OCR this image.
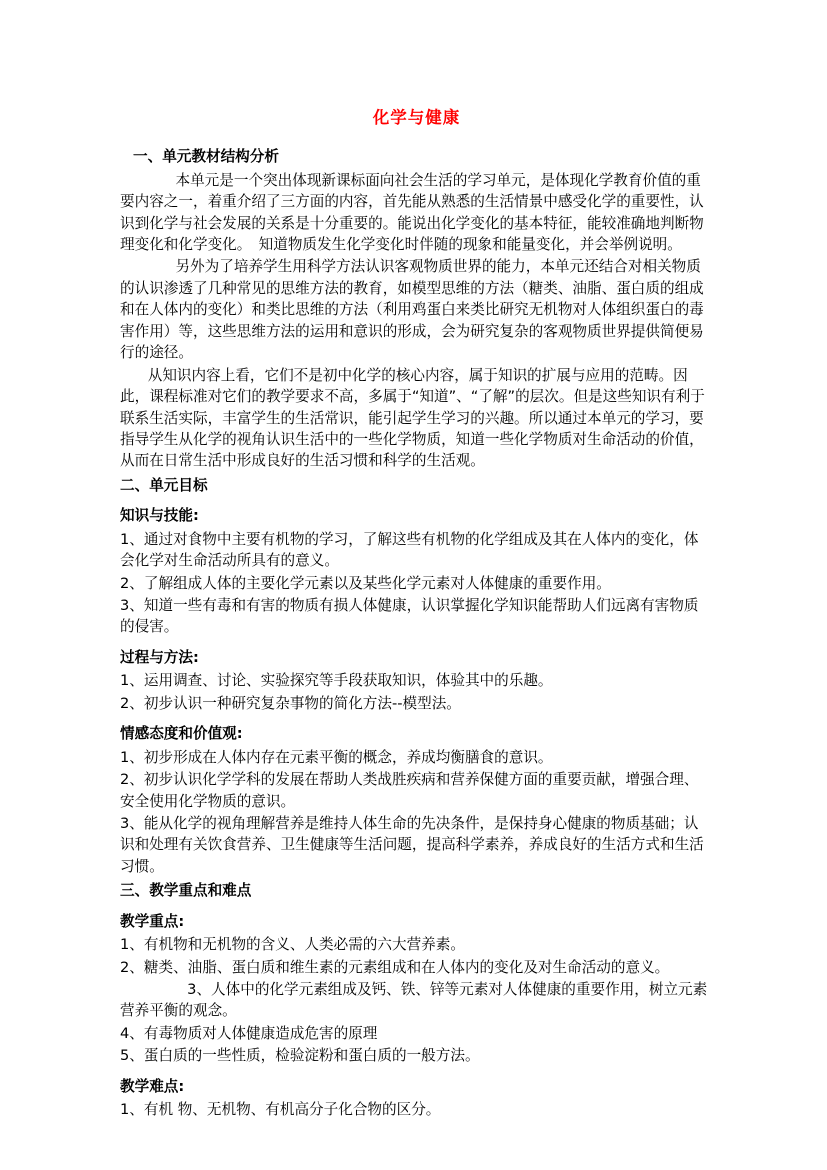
化学与健康

一、单元教材结构分析

本单元是一个突出体现新课标面向社会生活的学习单元，是体现化学教育价值的重要内容之一，着重介绍了三方面的内容，首先能从熟悉的生活情景中感受化学的重要性，认识到化学与社会发展的关系是十分重要的。能说出化学变化的基本特征，能较准确地判断物理变化和化学变化。　知道物质发生化学变化时伴随的现象和能量变化，并会举例说明。

另外为了培养学生用科学方法认识客观物质世界的能力，本单元还结合对相关物质的认识渗透了几种常见的思维方法的教育，如模型思维的方法（糖类、油脂、蛋白质的组成和在人体内的变化）和类比思维的方法（利用鸡蛋白来类比研究无机物对人体组织蛋白的毒害作用）等，这些思维方法的运用和意识的形成，会为研究复杂的客观物质世界提供简便易行的途径。

从知识内容上看，它们不是初中化学的核心内容，属于知识的扩展与应用的范畴。因此，课程标准对它们的教学要求不高，多属于“知道”、“了解”的层次。但是这些知识有利于联系生活实际，丰富学生的生活常识，能引起学生学习的兴趣。所以通过本单元的学习，要指导学生从化学的视角认识生活中的一些化学物质，知道一些化学物质对生命活动的价值，从而在日常生活中形成良好的生活习惯和科学的生活观。

二、单元目标

知识与技能:

1、通过对食物中主要有机物的学习，了解这些有机物的化学组成及其在人体内的变化，体会化学对生命活动所具有的意义。

2、了解组成人体的主要化学元素以及某些化学元素对人体健康的重要作用。

3、知道一些有毒和有害的物质有损人体健康，认识掌握化学知识能帮助人们远离有害物质的侵害。

过程与方法:

1、运用调查、讨论、实验探究等手段获取知识，体验其中的乐趣。

2、初步认识一种研究复杂事物的简化方法--模型法。

情感态度和价值观:

1、初步形成在人体内存在元素平衡的概念，养成均衡膳食的意识。

2、初步认识化学学科的发展在帮助人类战胜疾病和营养保健方面的重要贡献，增强合理、安全使用化学物质的意识。

3、能从化学的视角理解营养是维持人体生命的先决条件，是保持身心健康的物质基础；认识和处理有关饮食营养、卫生健康等生活问题，提高科学素养，养成良好的生活方式和生活习惯。

三、教学重点和难点

教学重点:

1、有机物和无机物的含义、人类必需的六大营养素。

2、糖类、油脂、蛋白质和维生素的元素组成和在人体内的变化及对生命活动的意义。

3、人体中的化学元素组成及钙、铁、锌等元素对人体健康的重要作用，树立元素营养平衡的观念。

4、有毒物质对人体健康造成危害的原理

5、蛋白质的一些性质，检验淀粉和蛋白质的一般方法。

教学难点:

1、有机 物、无机物、有机高分子化合物的区分。
